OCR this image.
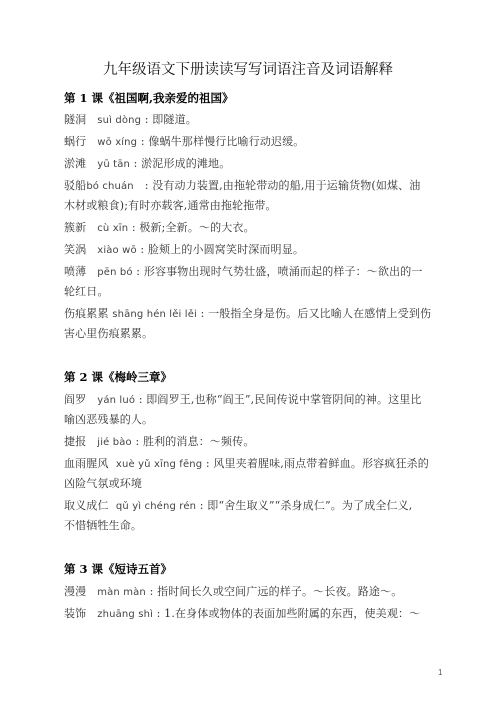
九年级语文下册读读写写词语注音及词语解释
第 1 课《祖国啊,我亲爱的祖国》
隧洞 suì dòng : 即隧道。
蜗行 wō xíng : 像蜗牛那样慢行比喻行动迟缓。
淤滩 yū tān : 淤泥形成的滩地。
驳船bó chuán   : 没有动力装置,由拖轮带动的船,用于运输货物(如煤、油
木材或粮食);有时亦载客,通常由拖轮拖带。
簇新 cù xīn : 极新;全新。～的大衣。
笑涡 xiào wō : 脸颊上的小圆窝笑时深而明显。
喷薄 pēn bó : 形容事物出现时气势壮盛，喷涌而起的样子：～欲出的一
轮红日。
伤痕累累 shāng hén lěi lěi : 一般指全身是伤。后又比喻人在感情上受到伤
害心里伤痕累累。
第 2 课《梅岭三章》
阎罗 yán luó : 即阎罗王,也称“阎王”,民间传说中掌管阴间的神。这里比
喻凶恶残暴的人。
捷报 jié bào : 胜利的消息：～频传。
血雨腥风 xuè yǔ xīng fēng : 风里夹着腥味,雨点带着鲜血。形容疯狂杀的
凶险气氛或环境
取义成仁 qǔ yì chéng rén : 即“舍生取义”“杀身成仁”。为了成全仁义,
不惜牺牲生命。
第 3 课《短诗五首》
漫漫 màn màn : 指时间长久或空间广远的样子。～长夜。路途～。
装饰 zhuāng shì : 1.在身体或物体的表面加些附属的东西，使美观：～
1
